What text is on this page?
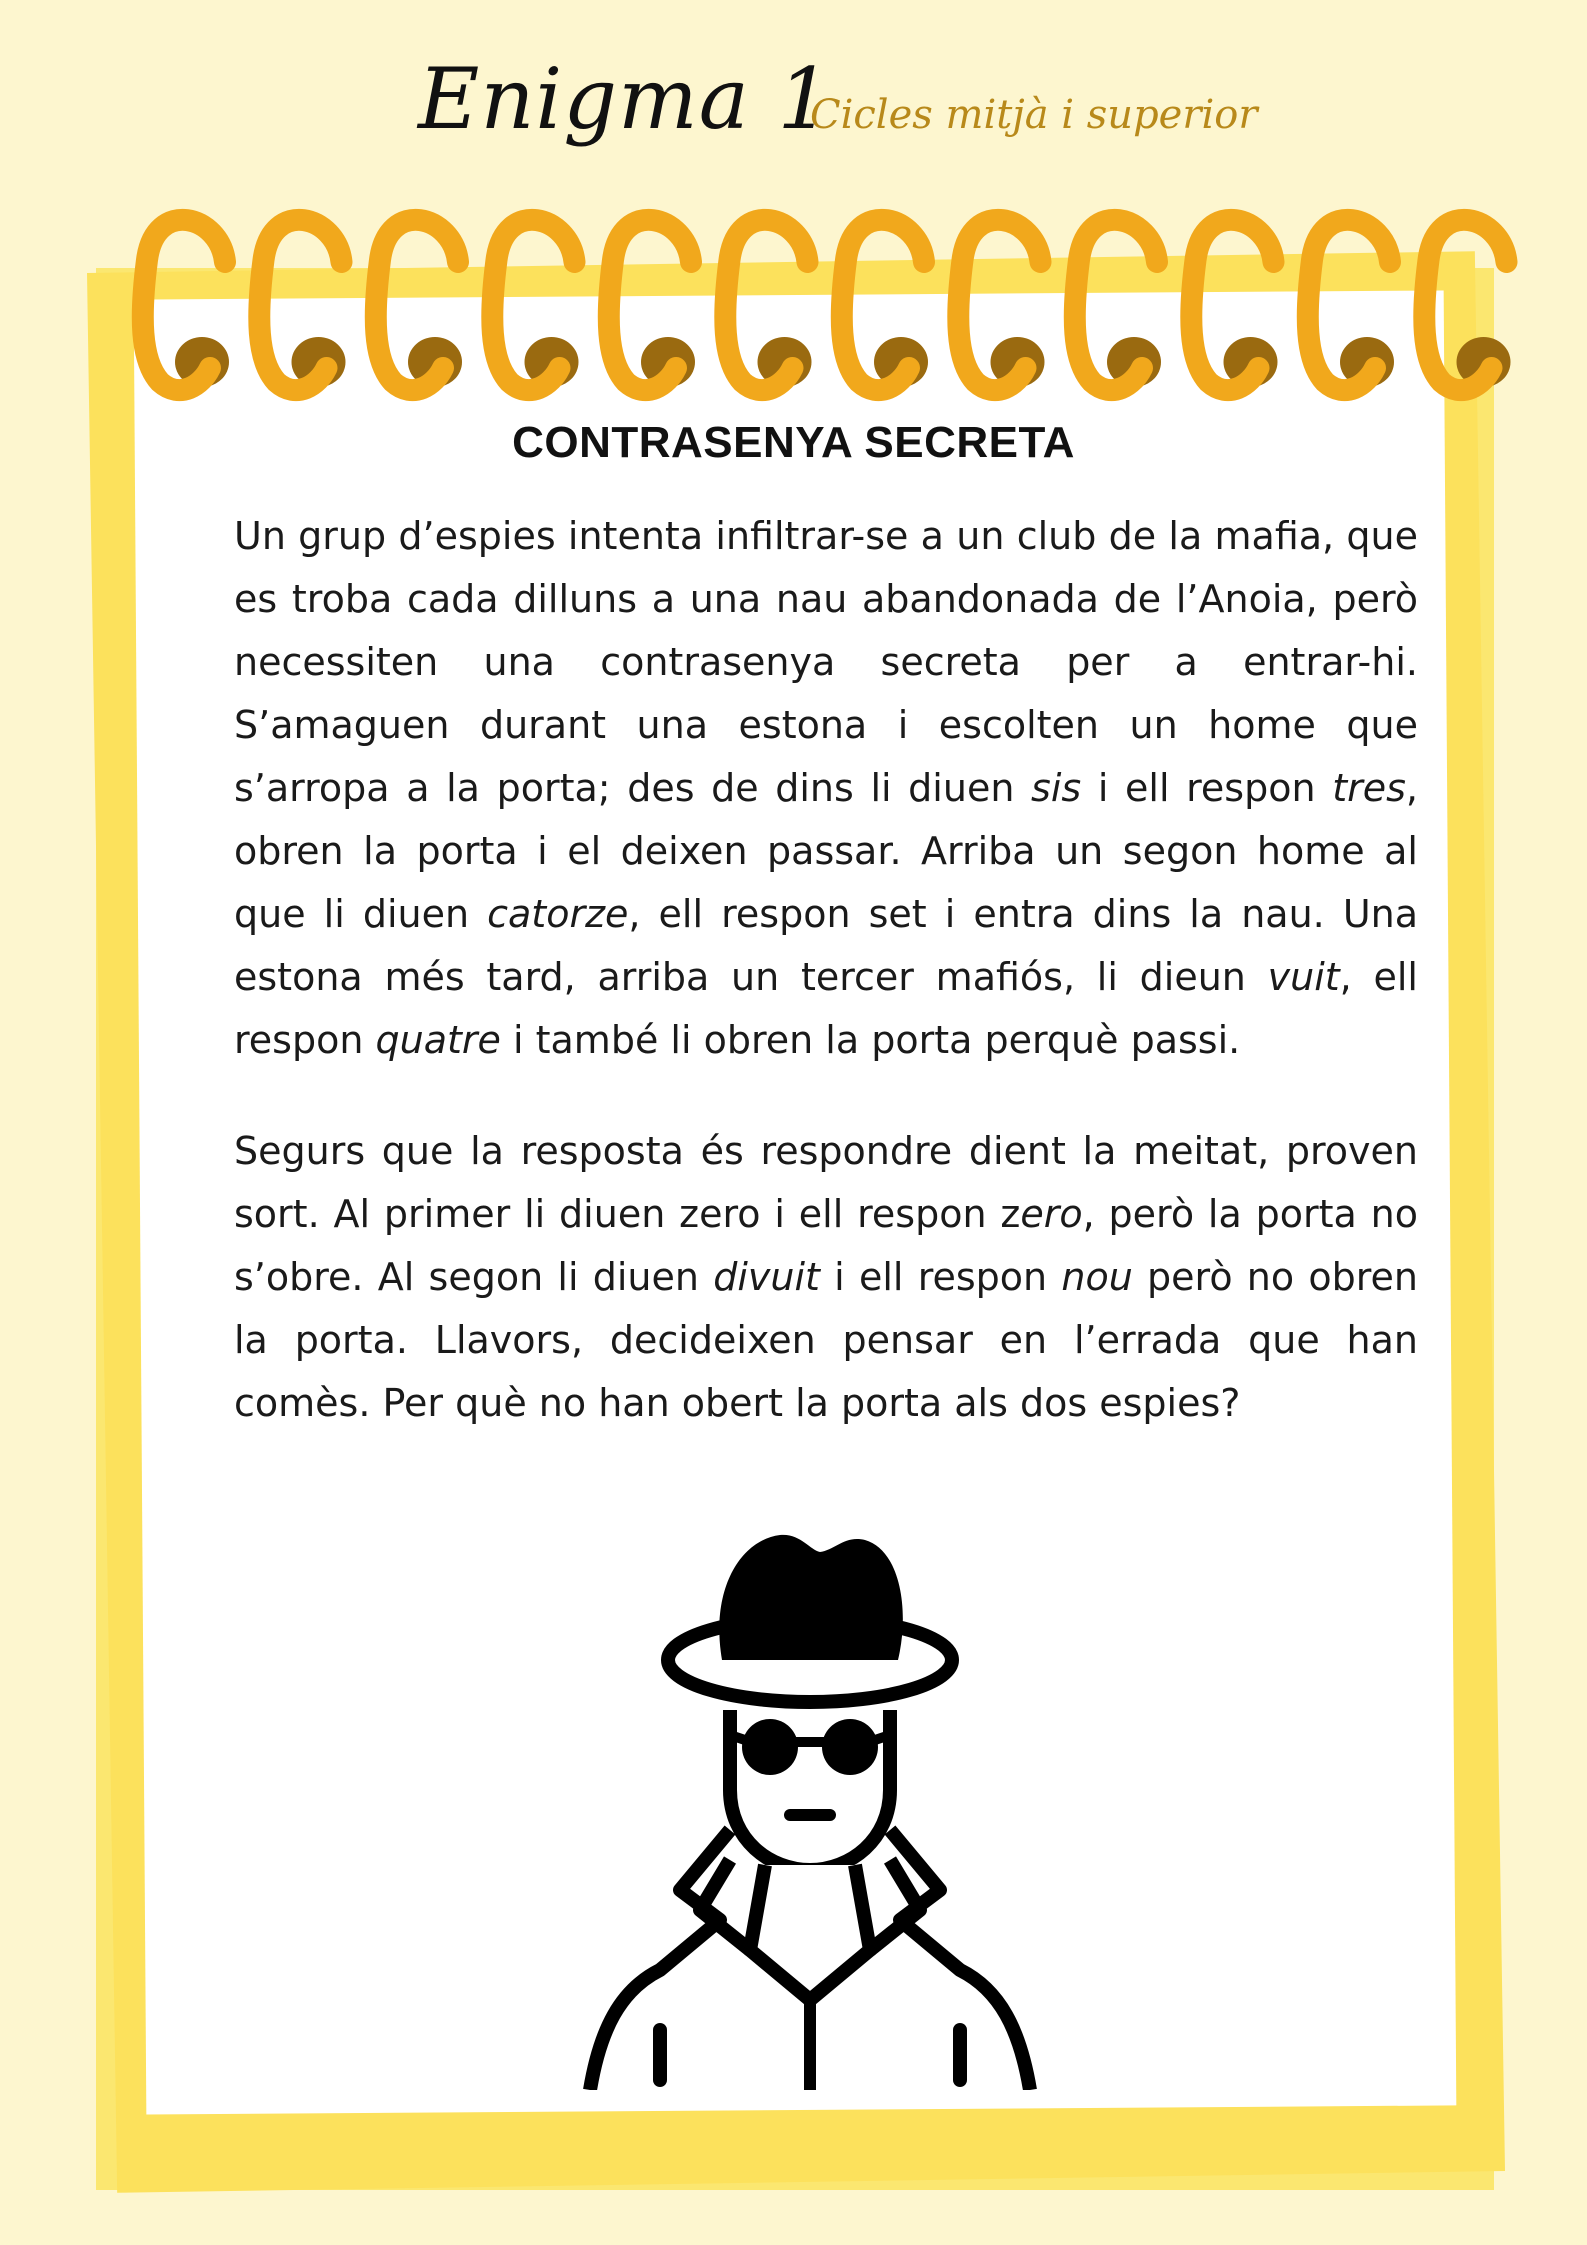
Enigma 1
Cicles mitjà i superior
CONTRASENYA SECRETA

Un grup d’espies intenta infiltrar-se a un club de la mafia, que es troba cada dilluns a una nau abandonada de l’Anoia, però necessiten una contrasenya secreta per a entrar-hi. S’amaguen durant una estona i escolten un home que s’arropa a la porta; des de dins li diuen sis i ell respon tres, obren la porta i el deixen passar. Arriba un segon home al que li diuen catorze, ell respon set i entra dins la nau. Una estona més tard, arriba un tercer mafiós, li dieun vuit, ell respon quatre i també li obren la porta perquè passi.

Segurs que la resposta és respondre dient la meitat, proven sort. Al primer li diuen zero i ell respon zero, però la porta no s’obre. Al segon li diuen divuit i ell respon nou però no obren la porta. Llavors, decideixen pensar en l’errada que han comès. Per què no han obert la porta als dos espies?
